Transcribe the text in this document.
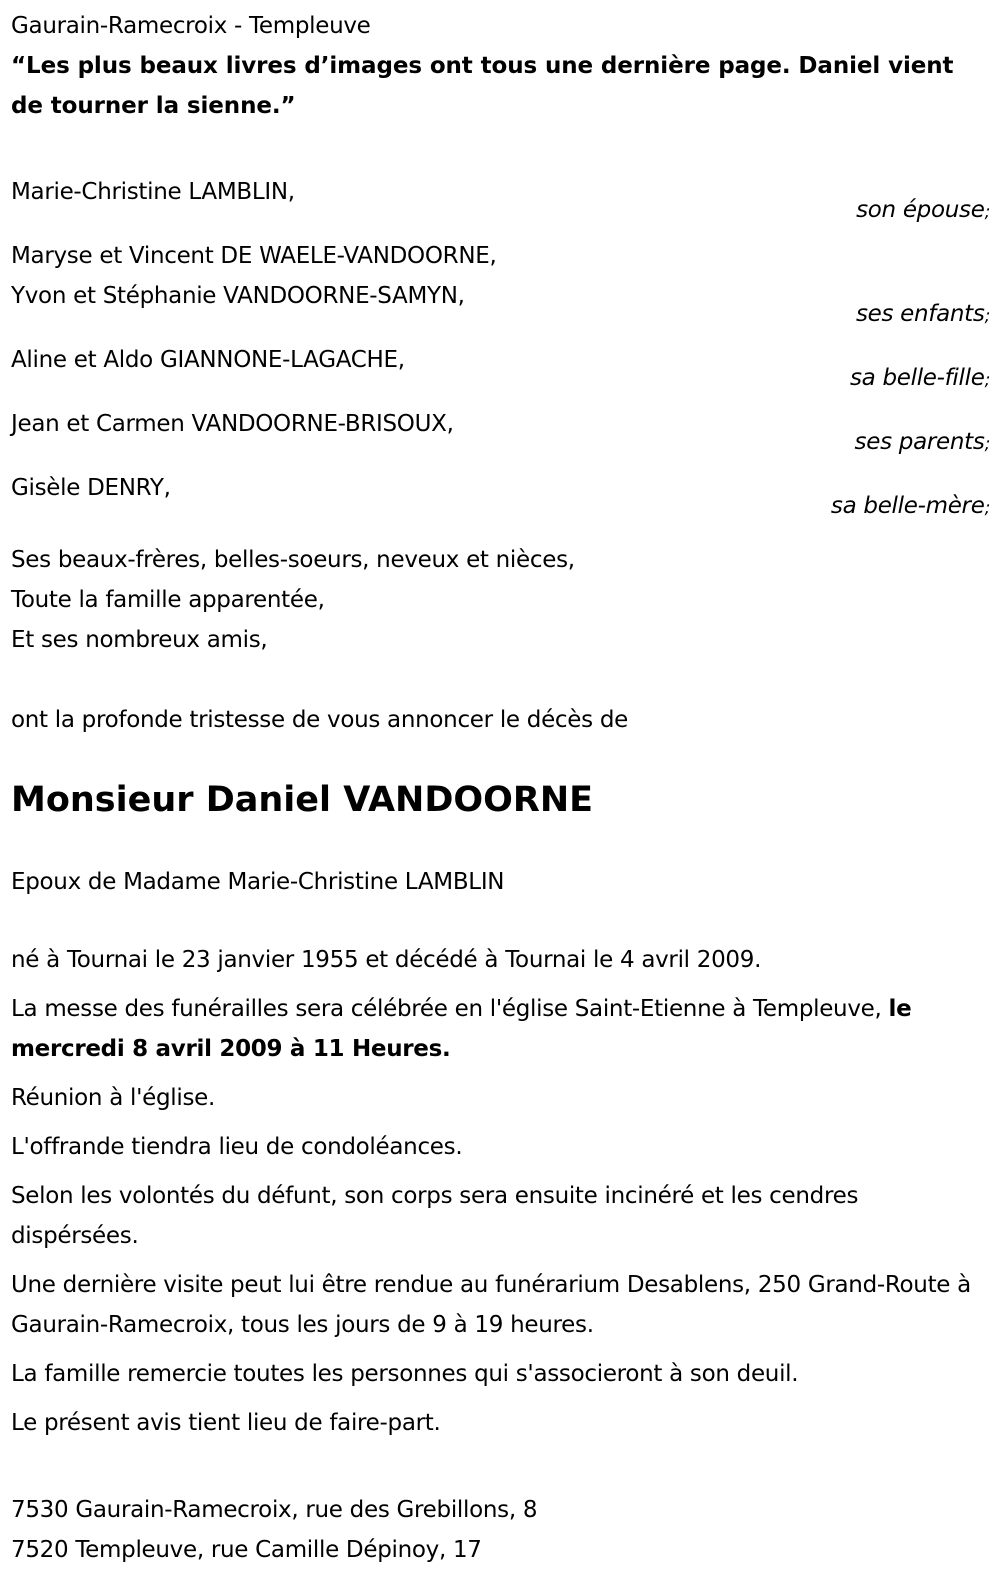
Gaurain-Ramecroix - Templeuve
“Les plus beaux livres d’images ont tous une dernière page. Daniel vient de tourner la sienne.”
Marie-Christine LAMBLIN,
son épouse;
Maryse et Vincent DE WAELE-VANDOORNE,
Yvon et Stéphanie VANDOORNE-SAMYN,
ses enfants;
Aline et Aldo GIANNONE-LAGACHE,
sa belle-fille;
Jean et Carmen VANDOORNE-BRISOUX,
ses parents;
Gisèle DENRY,
sa belle-mère;
Ses beaux-frères, belles-soeurs, neveux et nièces,
Toute la famille apparentée,
Et ses nombreux amis,
ont la profonde tristesse de vous annoncer le décès de
Monsieur Daniel VANDOORNE
Epoux de Madame Marie-Christine LAMBLIN
né à Tournai le 23 janvier 1955 et décédé à Tournai le 4 avril 2009.
La messe des funérailles sera célébrée en l'église Saint-Etienne à Templeuve, le mercredi 8 avril 2009 à 11 Heures.
Réunion à l'église.
L'offrande tiendra lieu de condoléances.
Selon les volontés du défunt, son corps sera ensuite incinéré et les cendres dispérsées.
Une dernière visite peut lui être rendue au funérarium Desablens, 250 Grand-Route à Gaurain-Ramecroix, tous les jours de 9 à 19 heures.
La famille remercie toutes les personnes qui s'associeront à son deuil.
Le présent avis tient lieu de faire-part.
7530 Gaurain-Ramecroix, rue des Grebillons, 8
7520 Templeuve, rue Camille Dépinoy, 17
